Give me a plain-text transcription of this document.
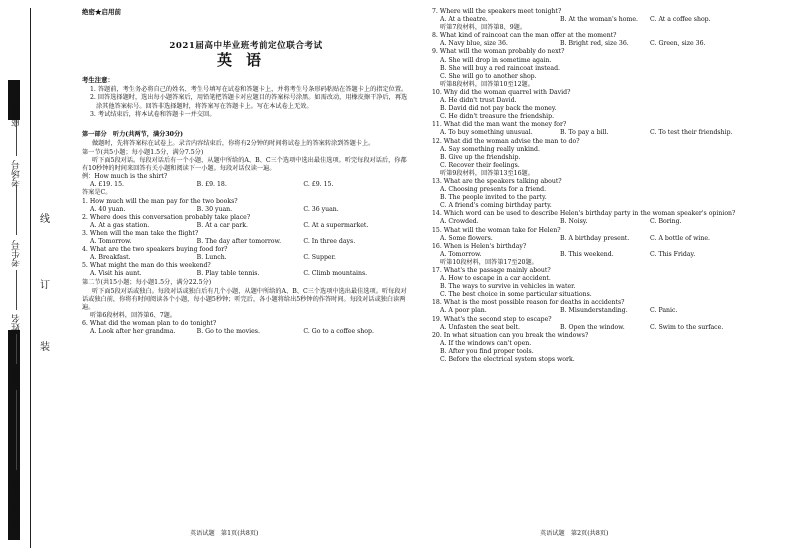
座位号
考场号
考生号
姓名
班级
县（市、区）
线
订
装
绝密★启用前
2021届高中毕业班考前定位联合考试
英语
考生注意：
1. 答题前，考生务必将自己的姓名、考生号填写在试卷和答题卡上，并将考生号条形码粘贴在答题卡上的指定位置。
2. 回答选择题时，选出每小题答案后，用铅笔把答题卡对应题目的答案标号涂黑。如需改动，用橡皮擦干净后，再选涂其他答案标号。回答非选择题时，将答案写在答题卡上。写在本试卷上无效。
3. 考试结束后，将本试卷和答题卡一并交回。
第一部分　听力(共两节，满分30分)
做题时，先将答案标在试卷上。录音内容结束后，你将有2分钟的时间将试卷上的答案转涂到答题卡上。
第一节(共5小题；每小题1.5分，满分7.5分)
听下面5段对话。每段对话后有一个小题，从题中所给的A、B、C三个选项中选出最佳选项。听完每段对话后，你都有10秒钟的时间来回答有关小题和阅读下一小题。每段对话仅读一遍。
例：How much is the shirt?
A. £19. 15.	B. £9. 18.	C. £9. 15.
答案是C。
1. How much will the man pay for the two books?
A. 40 yuan.	B. 30 yuan.	C. 36 yuan.
2. Where does this conversation probably take place?
A. At a gas station.	B. At a car park.	C. At a supermarket.
3. When will the man take the flight?
A. Tomorrow.	B. The day after tomorrow.	C. In three days.
4. What are the two speakers buying food for?
A. Breakfast.	B. Lunch.	C. Supper.
5. What might the man do this weekend?
A. Visit his aunt.	B. Play table tennis.	C. Climb mountains.
第二节(共15小题；每小题1.5分，满分22.5分)
听下面5段对话或独白。每段对话或独白后有几个小题，从题中所给的A、B、C三个选项中选出最佳选项。听每段对话或独白前，你将有时间阅读各个小题，每小题5秒钟；听完后，各小题将给出5秒钟的作答时间。每段对话或独白读两遍。
听第6段材料，回答第6、7题。
6. What did the woman plan to do tonight?
A. Look after her grandma.	B. Go to the movies.	C. Go to a coffee shop.
英语试题　第1页(共8页)
7. Where will the speakers meet tonight?
A. At a theatre.	B. At the woman's home.	C. At a coffee shop.
听第7段材料，回答第8、9题。
8. What kind of raincoat can the man offer at the moment?
A. Navy blue, size 36.	B. Bright red, size 36.	C. Green, size 36.
9. What will the woman probably do next?
A. She will drop in sometime again.
B. She will buy a red raincoat instead.
C. She will go to another shop.
听第8段材料，回答第10至12题。
10. Why did the woman quarrel with David?
A. He didn't trust David.
B. David did not pay back the money.
C. He didn't treasure the friendship.
11. What did the man want the money for?
A. To buy something unusual.	B. To pay a bill.	C. To test their friendship.
12. What did the woman advise the man to do?
A. Say something really unkind.
B. Give up the friendship.
C. Recover their feelings.
听第9段材料，回答第13至16题。
13. What are the speakers talking about?
A. Choosing presents for a friend.
B. The people invited to the party.
C. A friend's coming birthday party.
14. Which word can be used to describe Helen's birthday party in the woman speaker's opinion?
A. Crowded.	B. Noisy.	C. Boring.
15. What will the woman take for Helen?
A. Some flowers.	B. A birthday present.	C. A bottle of wine.
16. When is Helen's birthday?
A. Tomorrow.	B. This weekend.	C. This Friday.
听第10段材料，回答第17至20题。
17. What's the passage mainly about?
A. How to escape in a car accident.
B. The ways to survive in vehicles in water.
C. The best choice in some particular situations.
18. What is the most possible reason for deaths in accidents?
A. A poor plan.	B. Misunderstanding.	C. Panic.
19. What's the second step to escape?
A. Unfasten the seat belt.	B. Open the window.	C. Swim to the surface.
20. In what situation can you break the windows?
A. If the windows can't open.
B. After you find proper tools.
C. Before the electrical system stops work.
英语试题　第2页(共8页)
